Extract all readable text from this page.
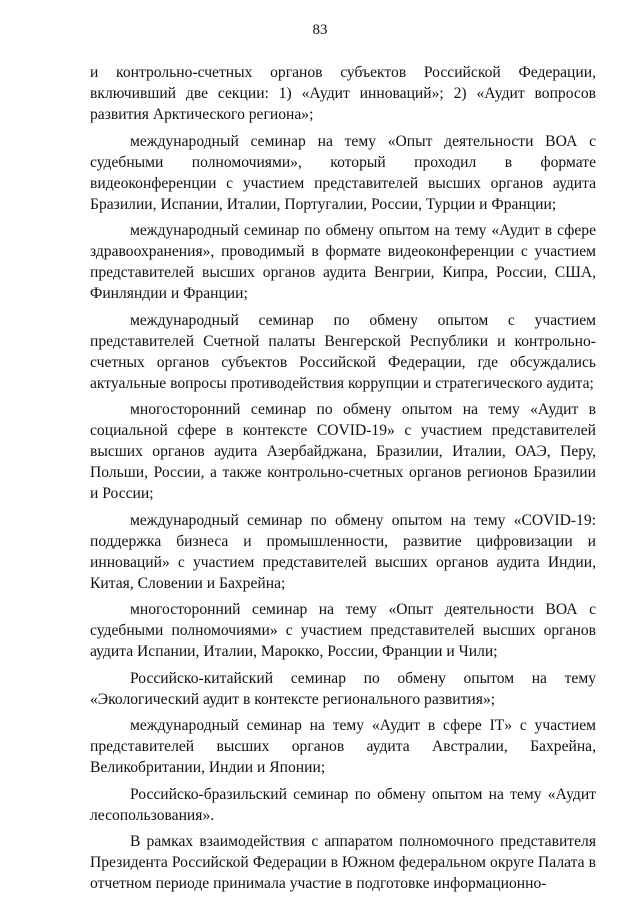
83

и контрольно-счетных органов субъектов Российской Федерации, включивший две секции: 1) «Аудит инноваций»; 2) «Аудит вопросов развития Арктического региона»;

международный семинар на тему «Опыт деятельности ВОА с судебными полномочиями», который проходил в формате видеоконференции с участием представителей высших органов аудита Бразилии, Испании, Италии, Португалии, России, Турции и Франции;

международный семинар по обмену опытом на тему «Аудит в сфере здравоохранения», проводимый в формате видеоконференции с участием представителей высших органов аудита Венгрии, Кипра, России, США, Финляндии и Франции;

международный семинар по обмену опытом с участием представителей Счетной палаты Венгерской Республики и контрольно-счетных органов субъектов Российской Федерации, где обсуждались актуальные вопросы противодействия коррупции и стратегического аудита;

многосторонний семинар по обмену опытом на тему «Аудит в социальной сфере в контексте COVID-19» с участием представителей высших органов аудита Азербайджана, Бразилии, Италии, ОАЭ, Перу, Польши, России, а также контрольно-счетных органов регионов Бразилии и России;

международный семинар по обмену опытом на тему «COVID-19: поддержка бизнеса и промышленности, развитие цифровизации и инноваций» с участием представителей высших органов аудита Индии, Китая, Словении и Бахрейна;

многосторонний семинар на тему «Опыт деятельности ВОА с судебными полномочиями» с участием представителей высших органов аудита Испании, Италии, Марокко, России, Франции и Чили;

Российско-китайский семинар по обмену опытом на тему «Экологический аудит в контексте регионального развития»;

международный семинар на тему «Аудит в сфере IT» с участием представителей высших органов аудита Австралии, Бахрейна, Великобритании, Индии и Японии;

Российско-бразильский семинар по обмену опытом на тему «Аудит лесопользования».

В рамках взаимодействия с аппаратом полномочного представителя Президента Российской Федерации в Южном федеральном округе Палата в отчетном периоде принимала участие в подготовке информационно-
